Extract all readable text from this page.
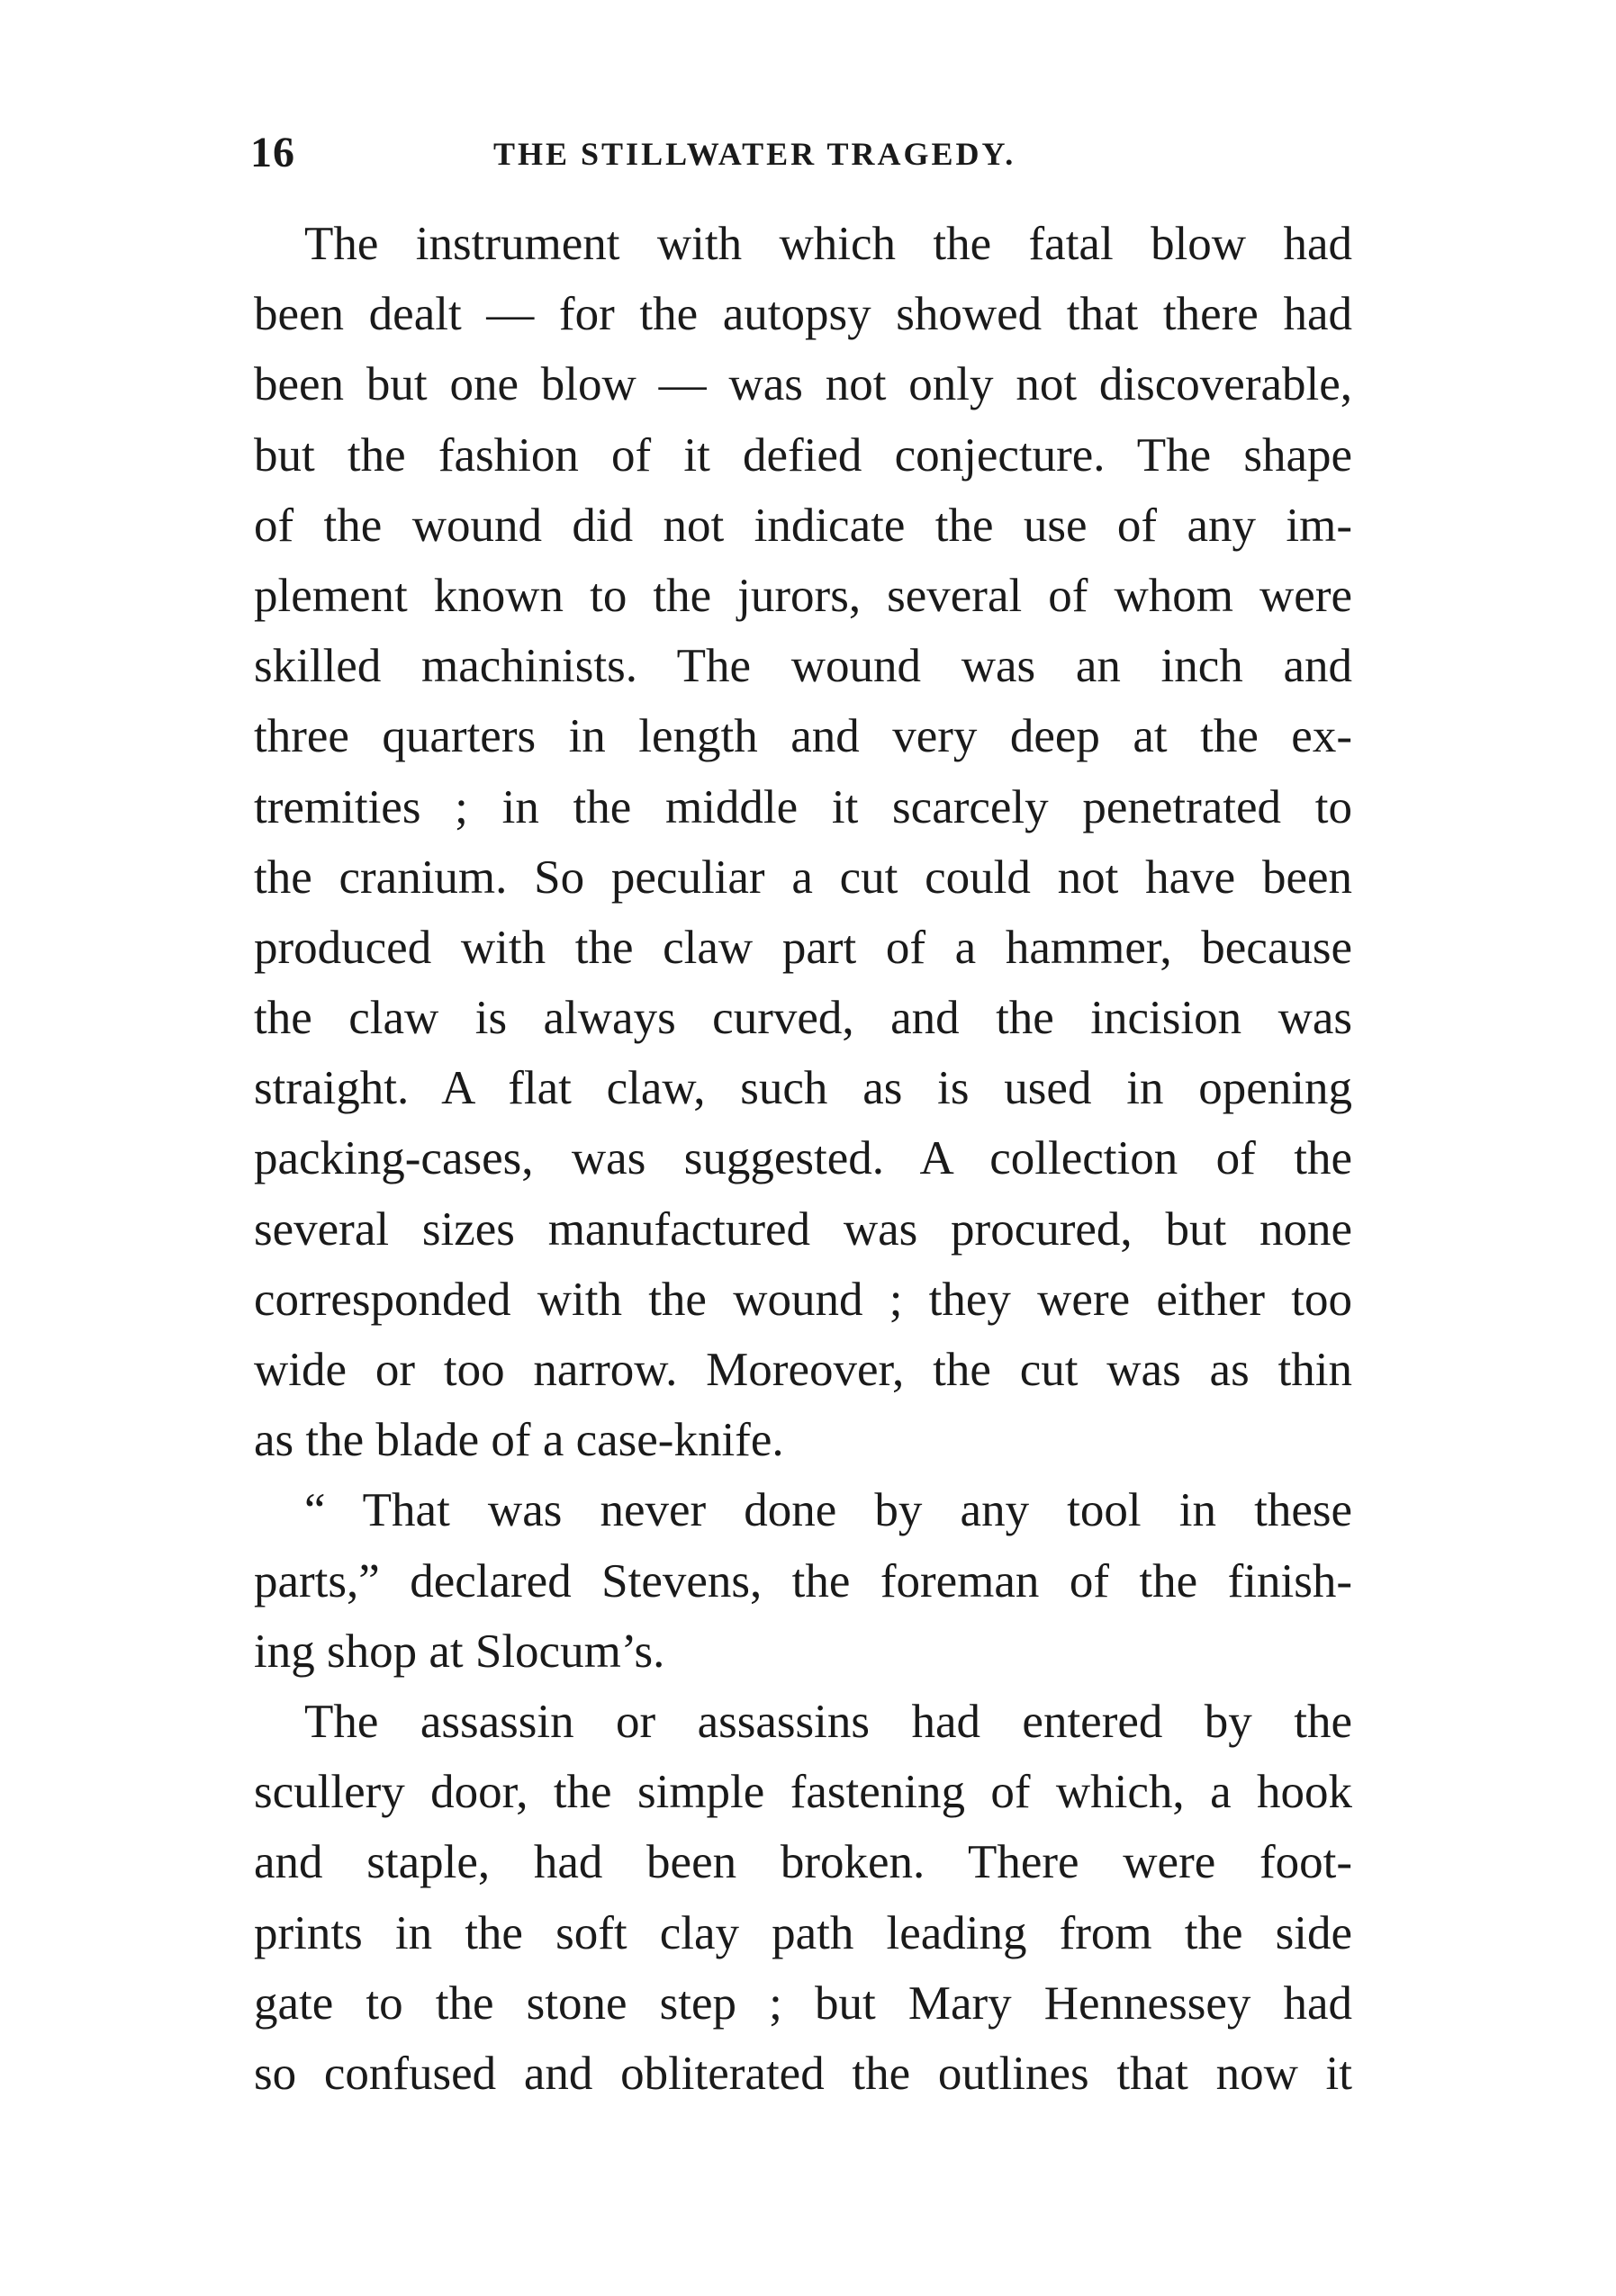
16	THE STILLWATER TRAGEDY.
The instrument with which the fatal blow had
been dealt — for the autopsy showed that there had
been but one blow — was not only not discoverable,
but the fashion of it defied conjecture. The shape
of the wound did not indicate the use of any im-
plement known to the jurors, several of whom were
skilled machinists. The wound was an inch and
three quarters in length and very deep at the ex-
tremities ; in the middle it scarcely penetrated to
the cranium. So peculiar a cut could not have been
produced with the claw part of a hammer, because
the claw is always curved, and the incision was
straight. A flat claw, such as is used in opening
packing-cases, was suggested. A collection of the
several sizes manufactured was procured, but none
corresponded with the wound ; they were either too
wide or too narrow. Moreover, the cut was as thin
as the blade of a case-knife.
“ That was never done by any tool in these
parts,” declared Stevens, the foreman of the finish-
ing shop at Slocum’s.
The assassin or assassins had entered by the
scullery door, the simple fastening of which, a hook
and staple, had been broken. There were foot-
prints in the soft clay path leading from the side
gate to the stone step ; but Mary Hennessey had
so confused and obliterated the outlines that now it
